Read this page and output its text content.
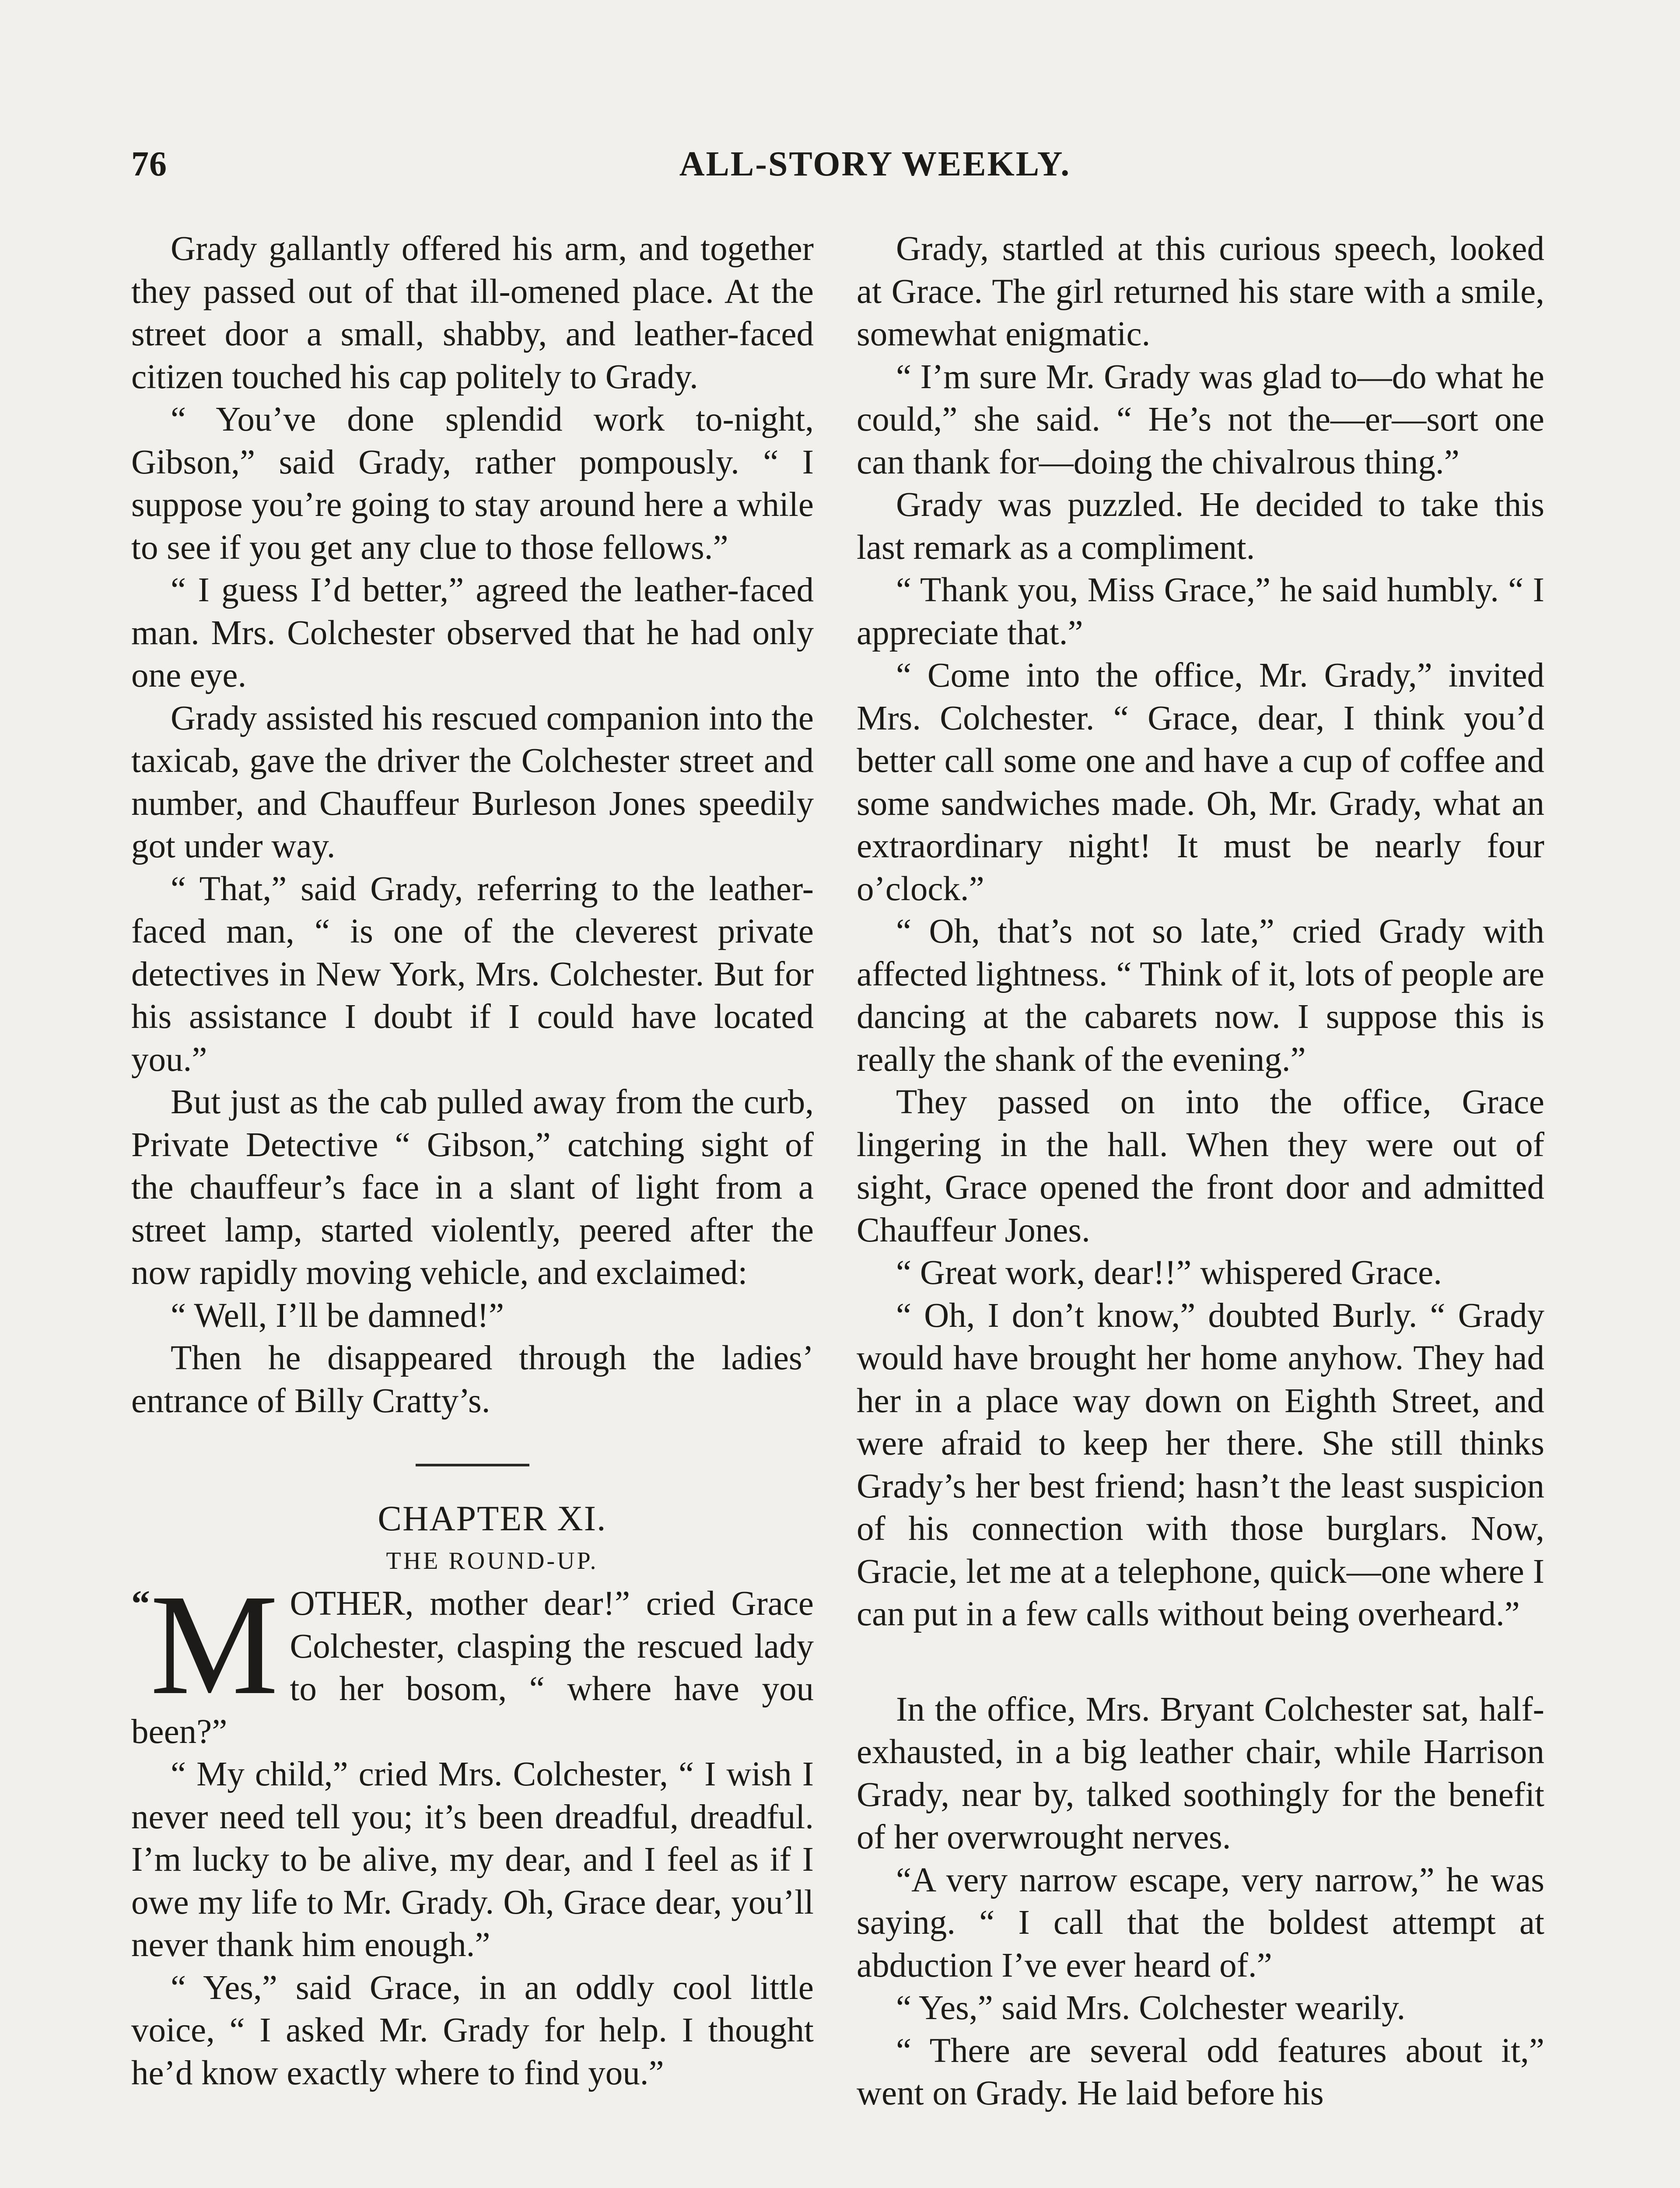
76	ALL-STORY WEEKLY.

Grady gallantly offered his arm, and together they passed out of that ill-omened place. At the street door a small, shabby, and leather-faced citizen touched his cap politely to Grady.

“ You’ve done splendid work to-night, Gibson,” said Grady, rather pompously. “ I suppose you’re going to stay around here a while to see if you get any clue to those fellows.”

“ I guess I’d better,” agreed the leather-faced man. Mrs. Colchester observed that he had only one eye.

Grady assisted his rescued companion into the taxicab, gave the driver the Colchester street and number, and Chauffeur Burleson Jones speedily got under way.

“ That,” said Grady, referring to the leather-faced man, “ is one of the cleverest private detectives in New York, Mrs. Colchester. But for his assistance I doubt if I could have located you.”

But just as the cab pulled away from the curb, Private Detective “ Gibson,” catching sight of the chauffeur’s face in a slant of light from a street lamp, started violently, peered after the now rapidly moving vehicle, and exclaimed:

“ Well, I’ll be damned!”

Then he disappeared through the ladies’ entrance of Billy Cratty’s.

CHAPTER XI.

THE ROUND-UP.

“ M OTHER, mother dear!” cried Grace Colchester, clasping the rescued lady to her bosom, “ where have you been?”

“ My child,” cried Mrs. Colchester, “ I wish I never need tell you; it’s been dreadful, dreadful. I’m lucky to be alive, my dear, and I feel as if I owe my life to Mr. Grady. Oh, Grace dear, you’ll never thank him enough.”

“ Yes,” said Grace, in an oddly cool little voice, “ I asked Mr. Grady for help. I thought he’d know exactly where to find you.”

Grady, startled at this curious speech, looked at Grace. The girl returned his stare with a smile, somewhat enigmatic.

“ I’m sure Mr. Grady was glad to—do what he could,” she said. “ He’s not the—er—sort one can thank for—doing the chivalrous thing.”

Grady was puzzled. He decided to take this last remark as a compliment.

“ Thank you, Miss Grace,” he said humbly. “ I appreciate that.”

“ Come into the office, Mr. Grady,” invited Mrs. Colchester. “ Grace, dear, I think you’d better call some one and have a cup of coffee and some sandwiches made. Oh, Mr. Grady, what an extraordinary night! It must be nearly four o’clock.”

“ Oh, that’s not so late,” cried Grady with affected lightness. “ Think of it, lots of people are dancing at the cabarets now. I suppose this is really the shank of the evening.”

They passed on into the office, Grace lingering in the hall. When they were out of sight, Grace opened the front door and admitted Chauffeur Jones.

“ Great work, dear!!” whispered Grace.

“ Oh, I don’t know,” doubted Burly. “ Grady would have brought her home anyhow. They had her in a place way down on Eighth Street, and were afraid to keep her there. She still thinks Grady’s her best friend; hasn’t the least suspicion of his connection with those burglars. Now, Gracie, let me at a telephone, quick—one where I can put in a few calls without being overheard.”

In the office, Mrs. Bryant Colchester sat, half-exhausted, in a big leather chair, while Harrison Grady, near by, talked soothingly for the benefit of her overwrought nerves.

“A very narrow escape, very narrow,” he was saying. “ I call that the boldest attempt at abduction I’ve ever heard of.”

“ Yes,” said Mrs. Colchester wearily.

“ There are several odd features about it,” went on Grady. He laid before his
